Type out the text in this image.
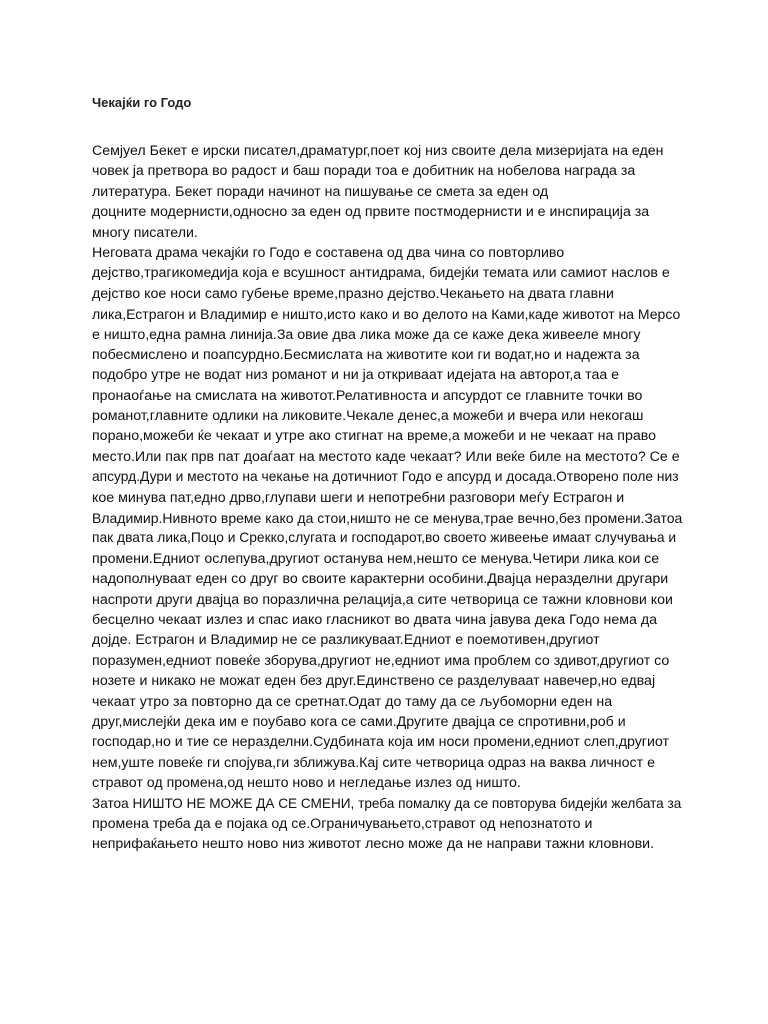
Чекајќи го Годо
Семјуел Бекет е ирски писател,драматург,поет кој низ своите дела мизеријата на еден
човек ја претвора во радост и баш поради тоа е добитник на нобелова награда за
литература. Бекет поради начинот на пишување се смета за еден од
доцните модернисти,односно за еден од првите постмодернисти и е инспирација за
многу писатели.
Неговата драма чекајќи го Годо е составена од два чина со повторливо
дејство,трагикомедија која е всушност антидрама, бидејќи темата или самиот наслов е
дејство кое носи само губење време,празно дејство.Чекањето на двата главни
лика,Естрагон и Владимир е ништо,исто како и во делото на Ками,каде животот на Мерсо
е ништо,една рамна линија.За овие два лика може да се каже дека живееле многу
побесмислено и поапсурдно.Бесмислата на животите кои ги водат,но и надежта за
подобро утре не водат низ романот и ни ја откриваат идејата на авторот,а таа е
пронаоѓање на смислата на животот.Релативноста и апсурдот се главните точки во
романот,главните одлики на ликовите.Чекале денес,а можеби и вчера или некогаш
порано,можеби ќе чекаат и утре ако стигнат на време,а можеби и не чекаат на право
место.Или пак прв пат доаѓаат на местото каде чекаат? Или веќе биле на местото? Се е
апсурд.Дури и местото на чекање на дотичниот Годо е апсурд и досада.Отворено поле низ
кое минува пат,едно дрво,глупави шеги и непотребни разговори меѓу Естрагон и
Владимир.Нивното време како да стои,ништо не се менува,трае вечно,без промени.Затоа
пак двата лика,Поцо и Срекко,слугата и господарот,во своето живеење имаат случувања и
промени.Едниот ослепува,другиот останува нем,нешто се менува.Четири лика кои се
надополнуваат еден со друг во своите карактерни особини.Двајца неразделни другари
наспроти други двајца во поразлична релација,а сите четворица се тажни кловнови кои
бесцелно чекаат излез и спас иако гласникот во двата чина јавува дека Годо нема да
дојде. Естрагон и Владимир не се разликуваат.Едниот е поемотивен,другиот
поразумен,едниот повеќе зборува,другиот не,едниот има проблем со здивот,другиот со
нозете и никако не можат еден без друг.Единствено се разделуваат навечер,но едвај
чекаат утро за повторно да се сретнат.Одат до таму да се љубоморни еден на
друг,мислејќи дека им е поубаво кога се сами.Другите двајца се спротивни,роб и
господар,но и тие се неразделни.Судбината која им носи промени,едниот слеп,другиот
нем,уште повеќе ги спојува,ги зближува.Кај сите четворица одраз на ваква личност е
стравот од промена,од нешто ново и негледање излез од ништо.
Затоа НИШТО НЕ МОЖЕ ДА СЕ СМЕНИ, треба помалку да се повторува бидејќи желбата за
промена треба да е појака од се.Ограничувањето,стравот од непознатото и
неприфаќањето нешто ново низ животот лесно може да не направи тажни кловнови.
